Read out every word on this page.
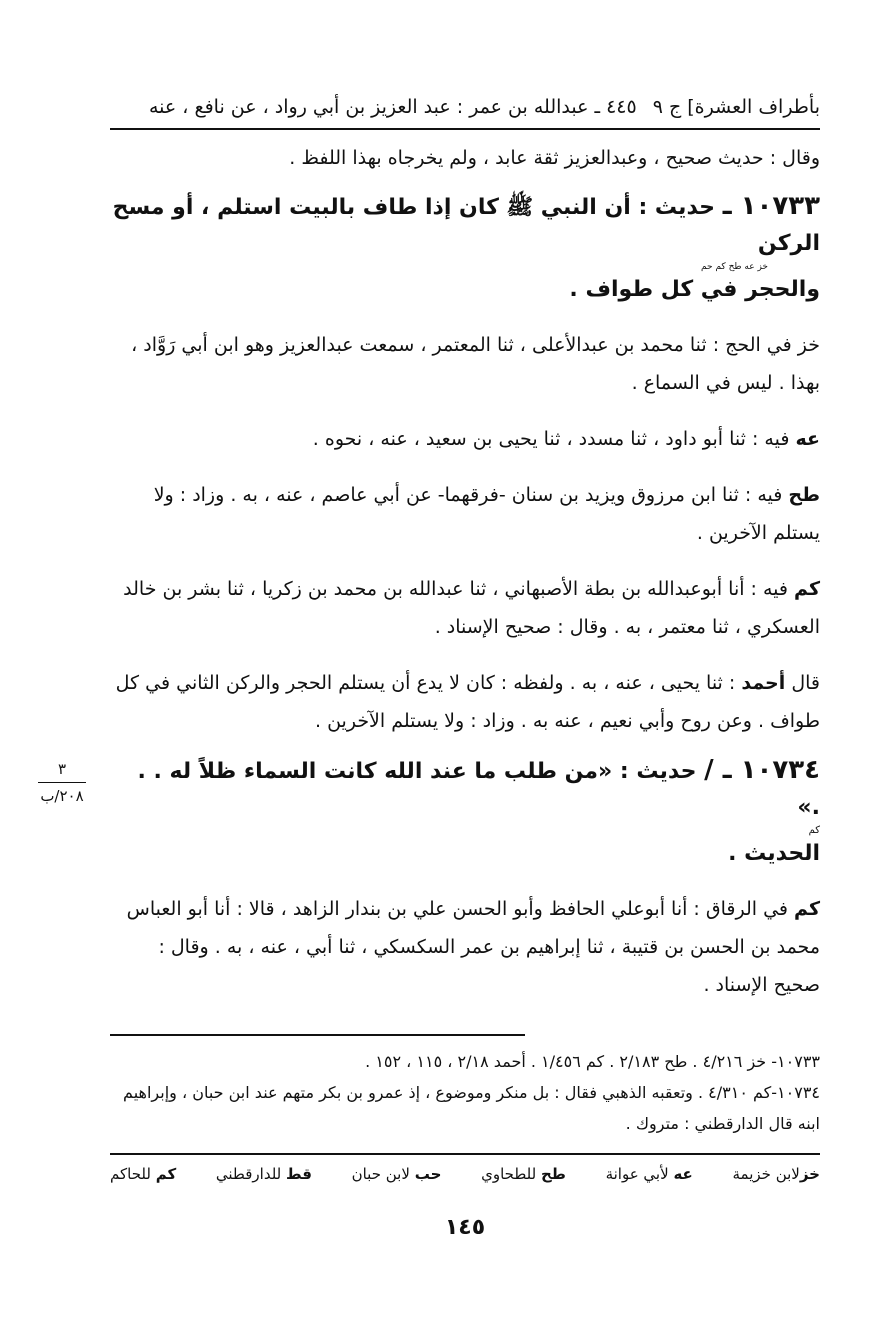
بأطراف العشرة] ج ٩
٤٤٥ ـ عبدالله بن عمر : عبد العزيز بن أبي رواد ، عن نافع ، عنه
وقال : حديث صحيح ، وعبدالعزيز ثقة عابد ، ولم يخرجاه بهذا اللفظ .
١٠٧٣٣ ـ حديث : أن النبي ﷺ كان إذا طاف بالبيت استلم ، أو مسح الركن
خز عه طح كم حم
والحجر في كل طواف .

خز في الحج : ثنا محمد بن عبدالأعلى ، ثنا المعتمر ، سمعت عبدالعزيز وهو ابن أبي رَوَّاد ، بهذا . ليس في السماع .

عه فيه : ثنا أبو داود ، ثنا مسدد ، ثنا يحيى بن سعيد ، عنه ، نحوه .

طح فيه : ثنا ابن مرزوق ويزيد بن سنان -فرقهما- عن أبي عاصم ، عنه ، به . وزاد : ولا يستلم الآخرين .

كم فيه : أنا أبوعبدالله بن بطة الأصبهاني ، ثنا عبدالله بن محمد بن زكريا ، ثنا بشر بن خالد العسكري ، ثنا معتمر ، به . وقال : صحيح الإسناد .

قال أحمد : ثنا يحيى ، عنه ، به . ولفظه : كان لا يدع أن يستلم الحجر والركن الثاني في كل طواف . وعن روح وأبي نعيم ، عنه به . وزاد : ولا يستلم الآخرين .

١٠٧٣٤ ـ / حديث : «من طلب ما عند الله كانت السماء ظلاً له . . .»
كم
الحديث .

كم في الرقاق : أنا أبوعلي الحافظ وأبو الحسن علي بن بندار الزاهد ، قالا : أنا أبو العباس محمد بن الحسن بن قتيبة ، ثنا إبراهيم بن عمر السكسكي ، ثنا أبي ، عنه ، به . وقال : صحيح الإسناد .

١٠٧٣٣- خز ٤/٢١٦ . طح ٢/١٨٣ . كم ١/٤٥٦ . أحمد ٢/١٨ ، ١١٥ ، ١٥٢ .
١٠٧٣٤-كم ٤/٣١٠ . وتعقبه الذهبي فقال : بل منكر وموضوع ، إذ عمرو بن بكر متهم عند ابن حبان ، وإبراهيم ابنه قال الدارقطني : متروك .
خزلابن خزيمة
عه لأبي عوانة
طح للطحاوي
حب لابن حبان
قط للدارقطني
كم للحاكم
١٤٥
٣
٢٠٨/ب
